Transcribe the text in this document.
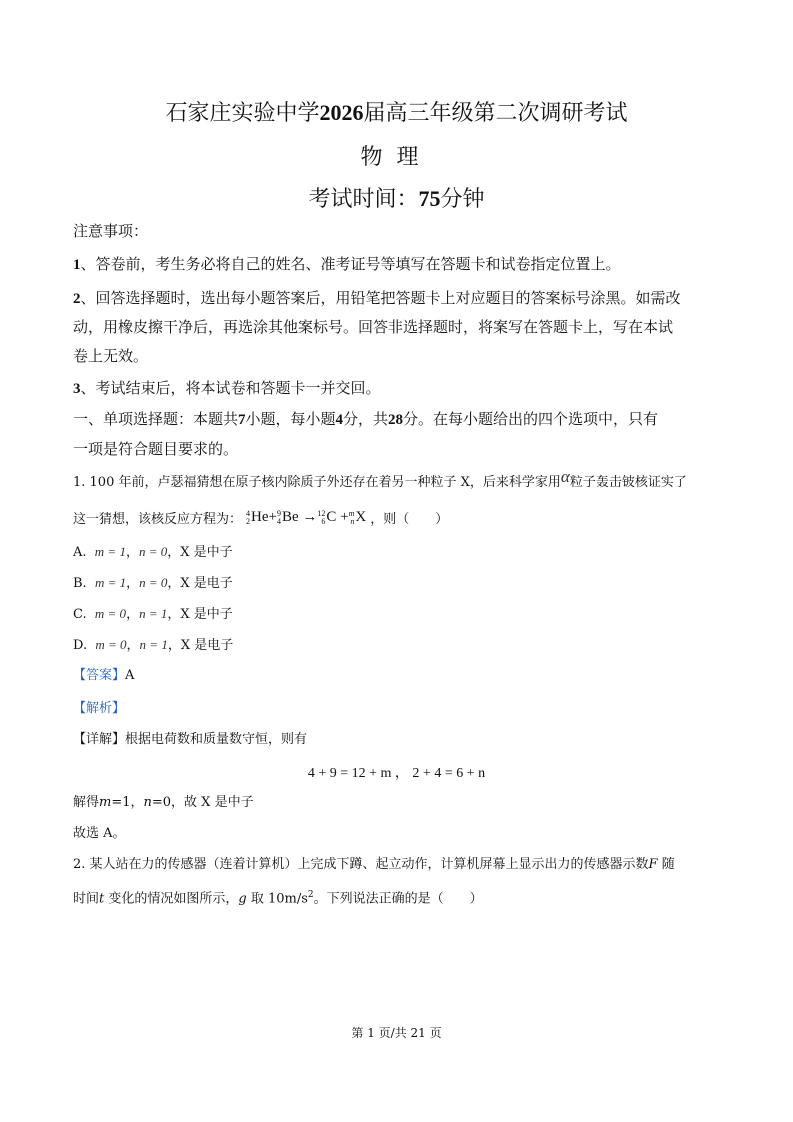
石家庄实验中学2026届高三年级第二次调研考试
物理
考试时间：75分钟
注意事项：
1、答卷前，考生务必将自己的姓名、准考证号等填写在答题卡和试卷指定位置上。
2、回答选择题时，选出每小题答案后，用铅笔把答题卡上对应题目的答案标号涂黑。如需改
动，用橡皮擦干净后，再选涂其他案标号。回答非选择题时，将案写在答题卡上，写在本试
卷上无效。
3、考试结束后，将本试卷和答题卡一并交回。
一、单项选择题：本题共7小题，每小题4分，共28分。在每小题给出的四个选项中，只有
一项是符合题目要求的。
1. 100 年前，卢瑟福猜想在原子核内除质子外还存在着另一种粒子 X，后来科学家用α粒子轰击铍核证实了
这一猜想，该核反应方程为： 4
2 He+ 9
4 Be → 12
6 C + m
n X ，则（　　）
A. m = 1，n = 0，X 是中子
B. m = 1，n = 0，X 是电子
C. m = 0，n = 1，X 是中子
D. m = 0，n = 1，X 是电子
【答案】A
【解析】
【详解】根据电荷数和质量数守恒，则有
4 + 9 = 12 + m ， 2 + 4 = 6 + n
解得m=1，n=0，故 X 是中子
故选 A。
2. 某人站在力的传感器（连着计算机）上完成下蹲、起立动作，计算机屏幕上显示出力的传感器示数F 随
时间t 变化的情况如图所示，g 取 $10m/s^2$。下列说法正确的是（　　）
第 1 页/共 21 页
